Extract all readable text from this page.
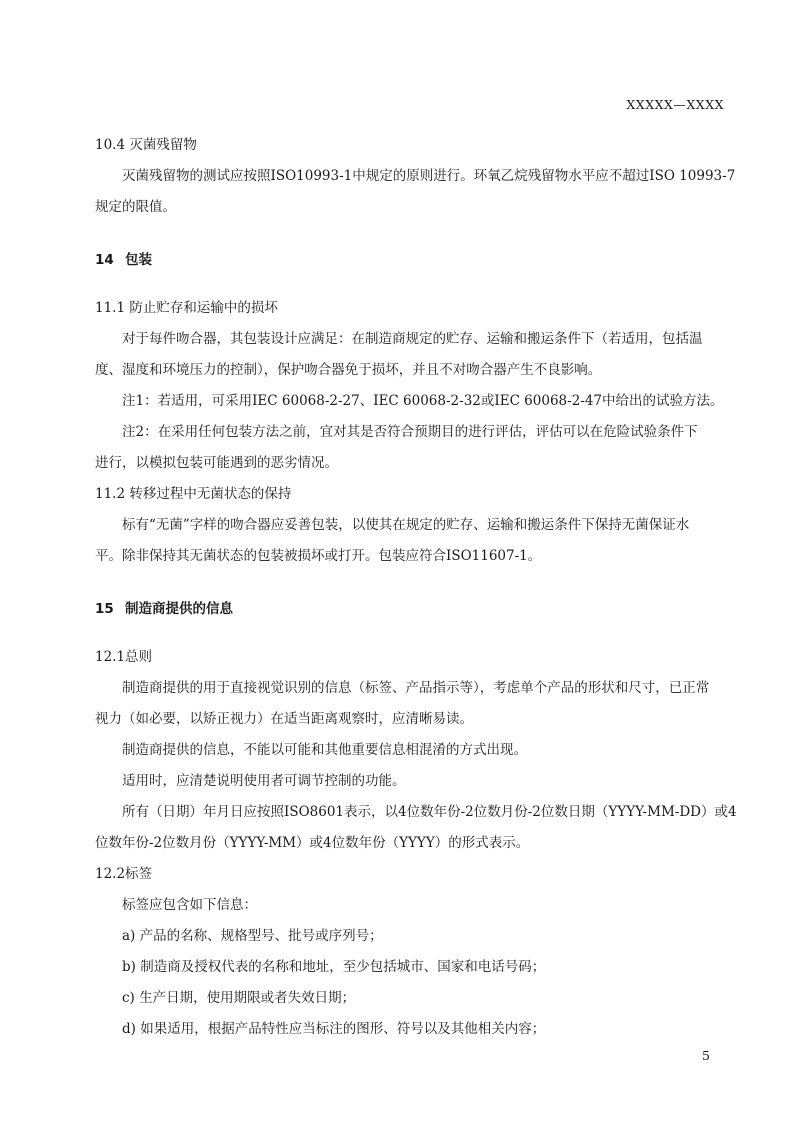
XXXXX—XXXX
10.4 灭菌残留物
灭菌残留物的测试应按照ISO10993-1中规定的原则进行。环氧乙烷残留物水平应不超过ISO 10993-7
规定的限值。
14 包装
11.1 防止贮存和运输中的损坏
对于每件吻合器，其包装设计应满足：在制造商规定的贮存、运输和搬运条件下（若适用，包括温
度、湿度和环境压力的控制），保护吻合器免于损坏，并且不对吻合器产生不良影响。
注1：若适用，可采用IEC 60068-2-27、IEC 60068-2-32或IEC 60068-2-47中给出的试验方法。
注2：在采用任何包装方法之前，宜对其是否符合预期目的进行评估，评估可以在危险试验条件下
进行，以模拟包装可能遇到的恶劣情况。
11.2 转移过程中无菌状态的保持
标有“无菌”字样的吻合器应妥善包装，以使其在规定的贮存、运输和搬运条件下保持无菌保证水
平。除非保持其无菌状态的包装被损坏或打开。包装应符合ISO11607-1。
15 制造商提供的信息
12.1总则
制造商提供的用于直接视觉识别的信息（标签、产品指示等），考虑单个产品的形状和尺寸，已正常
视力（如必要，以矫正视力）在适当距离观察时，应清晰易读。
制造商提供的信息，不能以可能和其他重要信息相混淆的方式出现。
适用时，应清楚说明使用者可调节控制的功能。
所有（日期）年月日应按照ISO8601表示，以4位数年份-2位数月份-2位数日期（YYYY-MM-DD）或4
位数年份-2位数月份（YYYY-MM）或4位数年份（YYYY）的形式表示。
12.2标签
标签应包含如下信息：
a) 产品的名称、规格型号、批号或序列号；
b) 制造商及授权代表的名称和地址，至少包括城市、国家和电话号码；
c) 生产日期，使用期限或者失效日期；
d) 如果适用，根据产品特性应当标注的图形、符号以及其他相关内容；
5
